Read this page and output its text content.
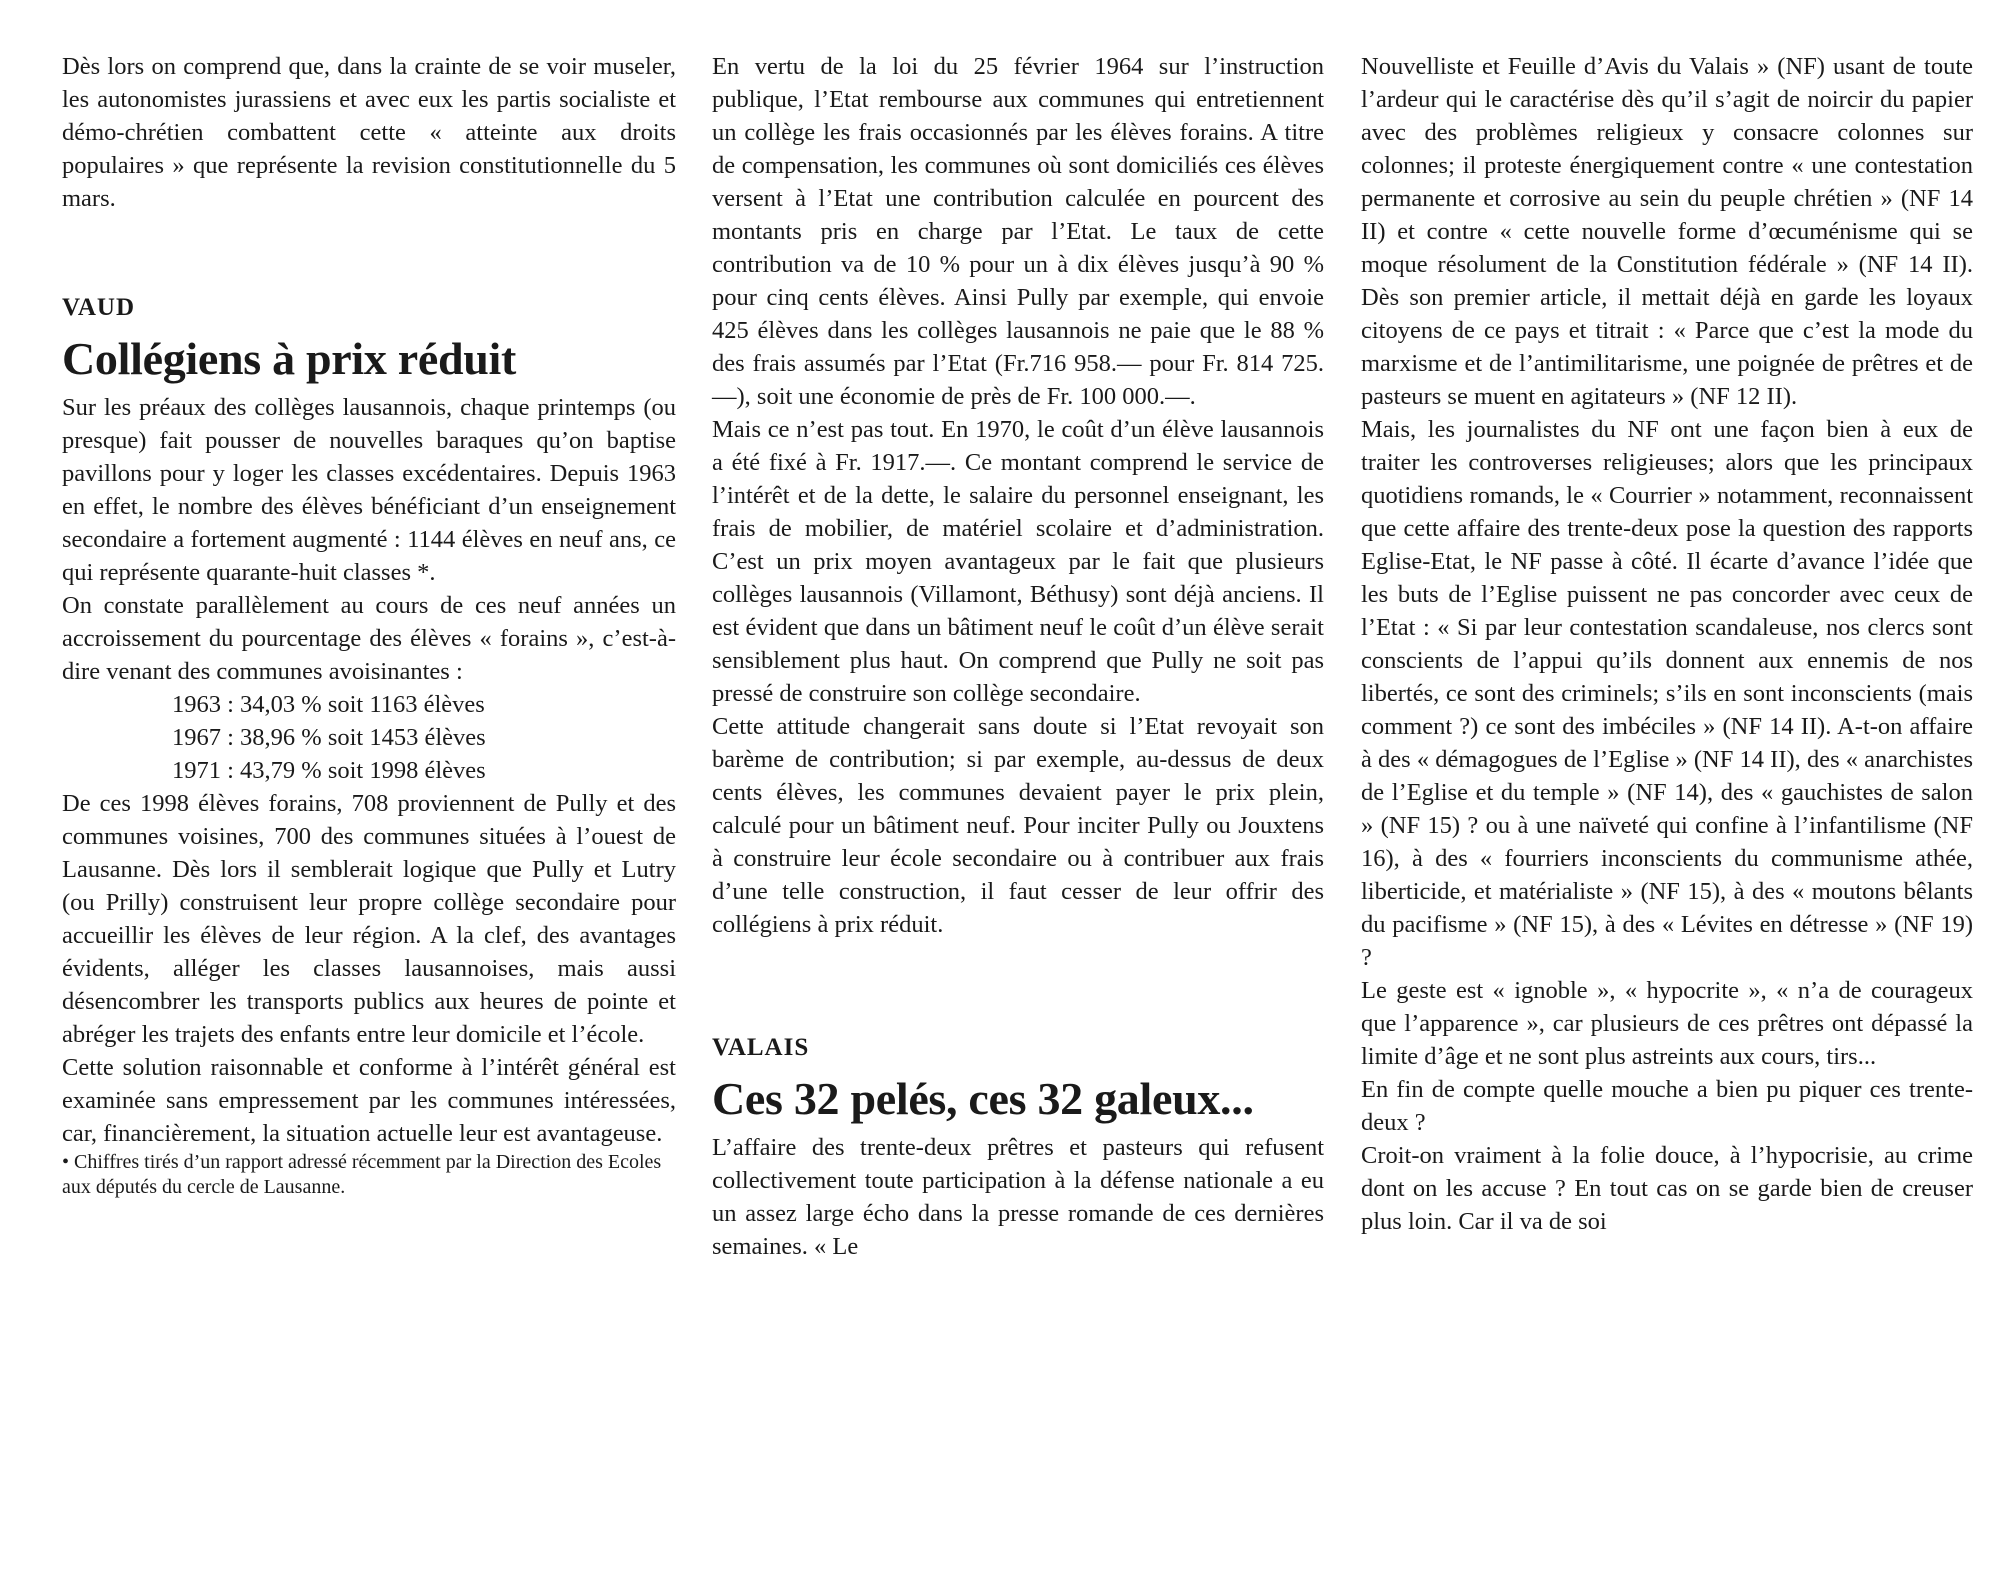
Dès lors on comprend que, dans la crainte de se voir museler, les autonomistes jurassiens et avec eux les partis socialiste et démo-chrétien combattent cette « atteinte aux droits populaires » que représente la revision constitutionnelle du 5 mars.

VAUD

Collégiens à prix réduit

Sur les préaux des collèges lausannois, chaque printemps (ou presque) fait pousser de nouvelles baraques qu’on baptise pavillons pour y loger les classes excédentaires. Depuis 1963 en effet, le nombre des élèves bénéficiant d’un enseignement secondaire a fortement augmenté : 1144 élèves en neuf ans, ce qui représente quarante-huit classes *.

On constate parallèlement au cours de ces neuf années un accroissement du pourcentage des élèves « forains », c’est-à-dire venant des communes avoisinantes :

1963 : 34,03 % soit 1163 élèves
1967 : 38,96 % soit 1453 élèves
1971 : 43,79 % soit 1998 élèves

De ces 1998 élèves forains, 708 proviennent de Pully et des communes voisines, 700 des communes situées à l’ouest de Lausanne. Dès lors il semblerait logique que Pully et Lutry (ou Prilly) construisent leur propre collège secondaire pour accueillir les élèves de leur région. A la clef, des avantages évidents, alléger les classes lausannoises, mais aussi désencombrer les transports publics aux heures de pointe et abréger les trajets des enfants entre leur domicile et l’école.

Cette solution raisonnable et conforme à l’intérêt général est examinée sans empressement par les communes intéressées, car, financièrement, la situation actuelle leur est avantageuse.

• Chiffres tirés d’un rapport adressé récemment par la Direction des Ecoles aux députés du cercle de Lausanne.

En vertu de la loi du 25 février 1964 sur l’instruction publique, l’Etat rembourse aux communes qui entretiennent un collège les frais occasionnés par les élèves forains. A titre de compensation, les communes où sont domiciliés ces élèves versent à l’Etat une contribution calculée en pourcent des montants pris en charge par l’Etat. Le taux de cette contribution va de 10 % pour un à dix élèves jusqu’à 90 % pour cinq cents élèves. Ainsi Pully par exemple, qui envoie 425 élèves dans les collèges lausannois ne paie que le 88 % des frais assumés par l’Etat (Fr.716 958.— pour Fr. 814 725.—), soit une économie de près de Fr. 100 000.—.

Mais ce n’est pas tout. En 1970, le coût d’un élève lausannois a été fixé à Fr. 1917.—. Ce montant comprend le service de l’intérêt et de la dette, le salaire du personnel enseignant, les frais de mobilier, de matériel scolaire et d’administration. C’est un prix moyen avantageux par le fait que plusieurs collèges lausannois (Villamont, Béthusy) sont déjà anciens. Il est évident que dans un bâtiment neuf le coût d’un élève serait sensiblement plus haut. On comprend que Pully ne soit pas pressé de construire son collège secondaire.

Cette attitude changerait sans doute si l’Etat revoyait son barème de contribution; si par exemple, au-dessus de deux cents élèves, les communes devaient payer le prix plein, calculé pour un bâtiment neuf. Pour inciter Pully ou Jouxtens à construire leur école secondaire ou à contribuer aux frais d’une telle construction, il faut cesser de leur offrir des collégiens à prix réduit.

VALAIS

Ces 32 pelés, ces 32 galeux...

L’affaire des trente-deux prêtres et pasteurs qui refusent collectivement toute participation à la défense nationale a eu un assez large écho dans la presse romande de ces dernières semaines. « Le

Nouvelliste et Feuille d’Avis du Valais » (NF) usant de toute l’ardeur qui le caractérise dès qu’il s’agit de noircir du papier avec des problèmes religieux y consacre colonnes sur colonnes; il proteste énergiquement contre « une contestation permanente et corrosive au sein du peuple chrétien » (NF 14 II) et contre « cette nouvelle forme d’œcuménisme qui se moque résolument de la Constitution fédérale » (NF 14 II). Dès son premier article, il mettait déjà en garde les loyaux citoyens de ce pays et titrait : « Parce que c’est la mode du marxisme et de l’antimilitarisme, une poignée de prêtres et de pasteurs se muent en agitateurs » (NF 12 II).

Mais, les journalistes du NF ont une façon bien à eux de traiter les controverses religieuses; alors que les principaux quotidiens romands, le « Courrier » notamment, reconnaissent que cette affaire des trente-deux pose la question des rapports Eglise-Etat, le NF passe à côté. Il écarte d’avance l’idée que les buts de l’Eglise puissent ne pas concorder avec ceux de l’Etat : « Si par leur contestation scandaleuse, nos clercs sont conscients de l’appui qu’ils donnent aux ennemis de nos libertés, ce sont des criminels; s’ils en sont inconscients (mais comment ?) ce sont des imbéciles » (NF 14 II). A-t-on affaire à des « démagogues de l’Eglise » (NF 14 II), des « anarchistes de l’Eglise et du temple » (NF 14), des « gauchistes de salon » (NF 15) ? ou à une naïveté qui confine à l’infantilisme (NF 16), à des « fourriers inconscients du communisme athée, liberticide, et matérialiste » (NF 15), à des « moutons bêlants du pacifisme » (NF 15), à des « Lévites en détresse » (NF 19) ?

Le geste est « ignoble », « hypocrite », « n’a de courageux que l’apparence », car plusieurs de ces prêtres ont dépassé la limite d’âge et ne sont plus astreints aux cours, tirs...

En fin de compte quelle mouche a bien pu piquer ces trente-deux ?

Croit-on vraiment à la folie douce, à l’hypocrisie, au crime dont on les accuse ? En tout cas on se garde bien de creuser plus loin. Car il va de soi
